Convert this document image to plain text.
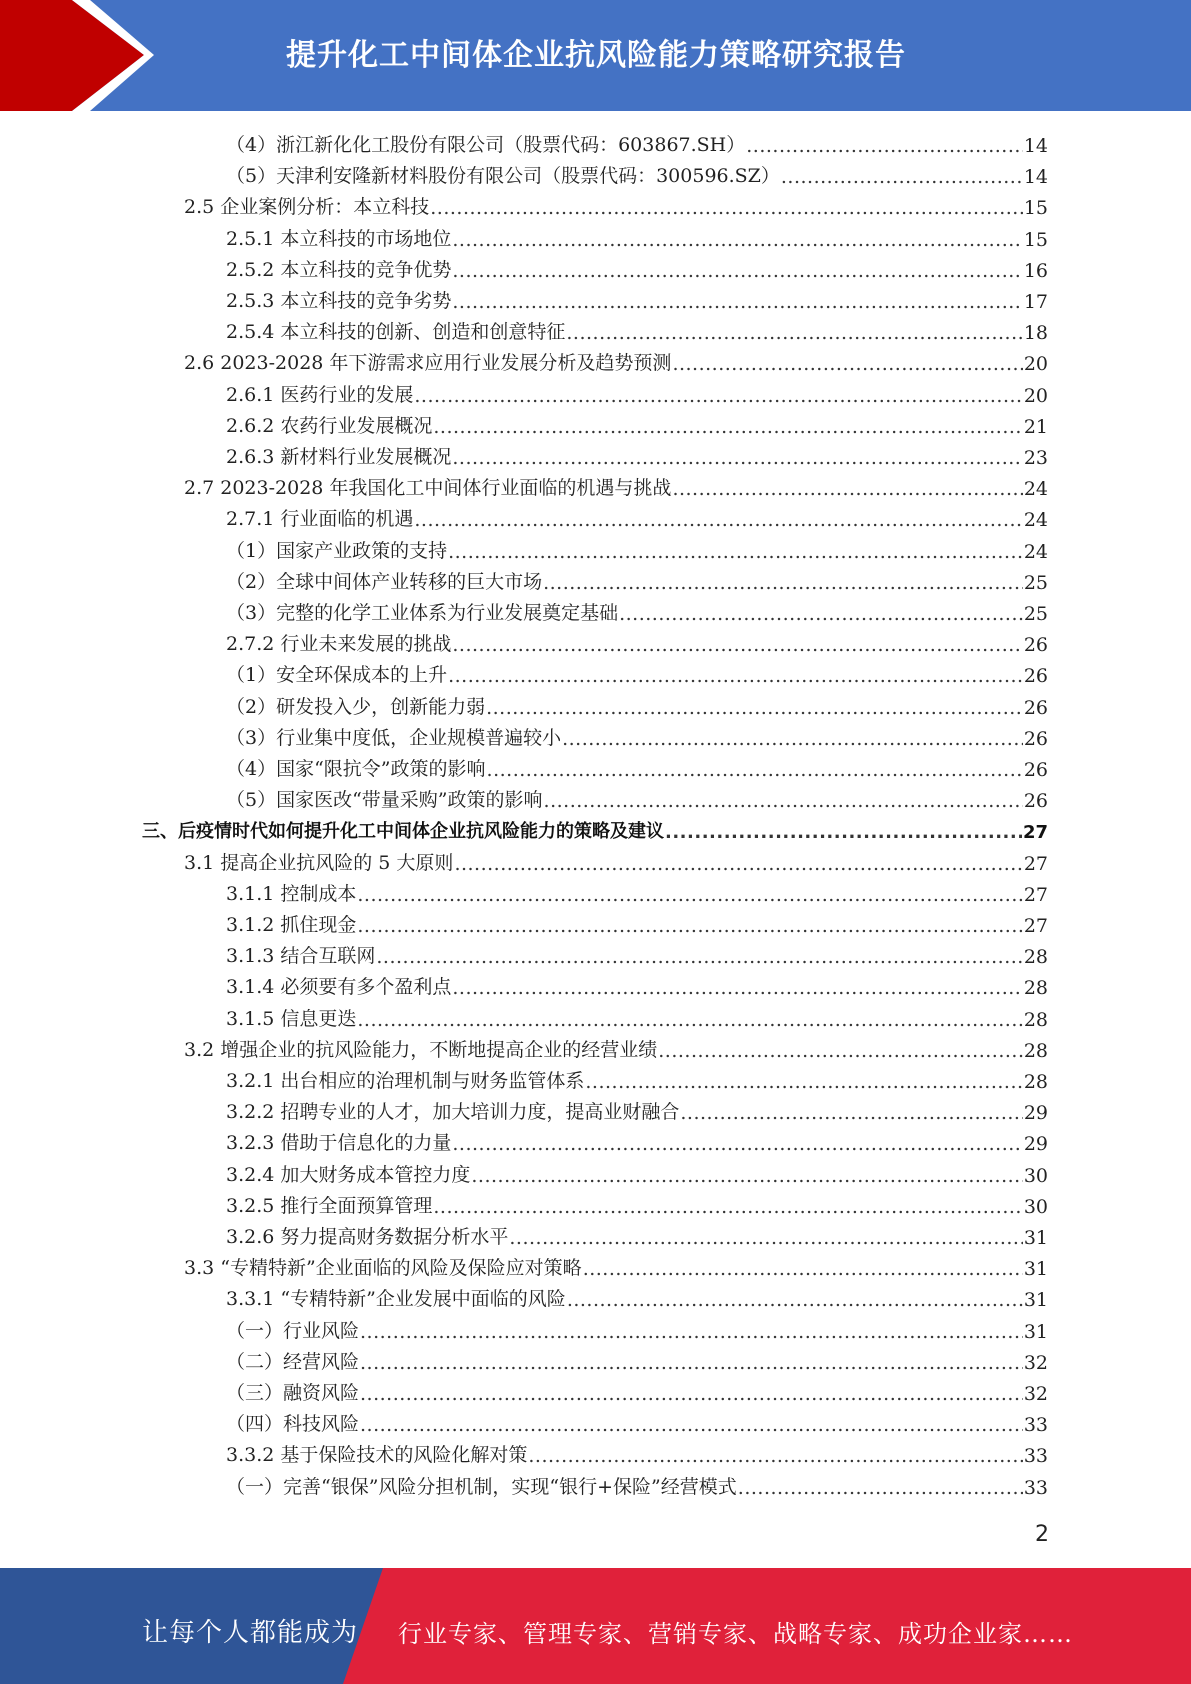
提升化工中间体企业抗风险能力策略研究报告
（4）浙江新化化工股份有限公司（股票代码：603867.SH） .....	14
（5）天津利安隆新材料股份有限公司（股票代码：300596.SZ） .....	14
2.5 企业案例分析：本立科技 .....	15
2.5.1 本立科技的市场地位 .....	15
2.5.2 本立科技的竞争优势 .....	16
2.5.3 本立科技的竞争劣势 .....	17
2.5.4 本立科技的创新、创造和创意特征 .....	18
2.6 2023-2028 年下游需求应用行业发展分析及趋势预测 .....	20
2.6.1 医药行业的发展 .....	20
2.6.2 农药行业发展概况 .....	21
2.6.3 新材料行业发展概况 .....	23
2.7 2023-2028 年我国化工中间体行业面临的机遇与挑战 .....	24
2.7.1 行业面临的机遇 .....	24
（1）国家产业政策的支持 .....	24
（2）全球中间体产业转移的巨大市场 .....	25
（3）完整的化学工业体系为行业发展奠定基础 .....	25
2.7.2 行业未来发展的挑战 .....	26
（1）安全环保成本的上升 .....	26
（2）研发投入少，创新能力弱 .....	26
（3）行业集中度低，企业规模普遍较小 .....	26
（4）国家“限抗令”政策的影响 .....	26
（5）国家医改“带量采购”政策的影响 .....	26
三、后疫情时代如何提升化工中间体企业抗风险能力的策略及建议 .....	27
3.1 提高企业抗风险的 5 大原则 .....	27
3.1.1 控制成本 .....	27
3.1.2 抓住现金 .....	27
3.1.3 结合互联网 .....	28
3.1.4 必须要有多个盈利点 .....	28
3.1.5 信息更迭 .....	28
3.2 增强企业的抗风险能力，不断地提高企业的经营业绩 .....	28
3.2.1 出台相应的治理机制与财务监管体系 .....	28
3.2.2 招聘专业的人才，加大培训力度，提高业财融合 .....	29
3.2.3 借助于信息化的力量 .....	29
3.2.4 加大财务成本管控力度 .....	30
3.2.5 推行全面预算管理 .....	30
3.2.6 努力提高财务数据分析水平 .....	31
3.3 “专精特新”企业面临的风险及保险应对策略 .....	31
3.3.1 “专精特新”企业发展中面临的风险 .....	31
（一）行业风险 .....	31
（二）经营风险 .....	32
（三）融资风险 .....	32
（四）科技风险 .....	33
3.3.2 基于保险技术的风险化解对策 .....	33
（一）完善“银保”风险分担机制，实现“银行+保险”经营模式 .....	33
2
让每个人都能成为 行业专家、管理专家、营销专家、战略专家、成功企业家……
